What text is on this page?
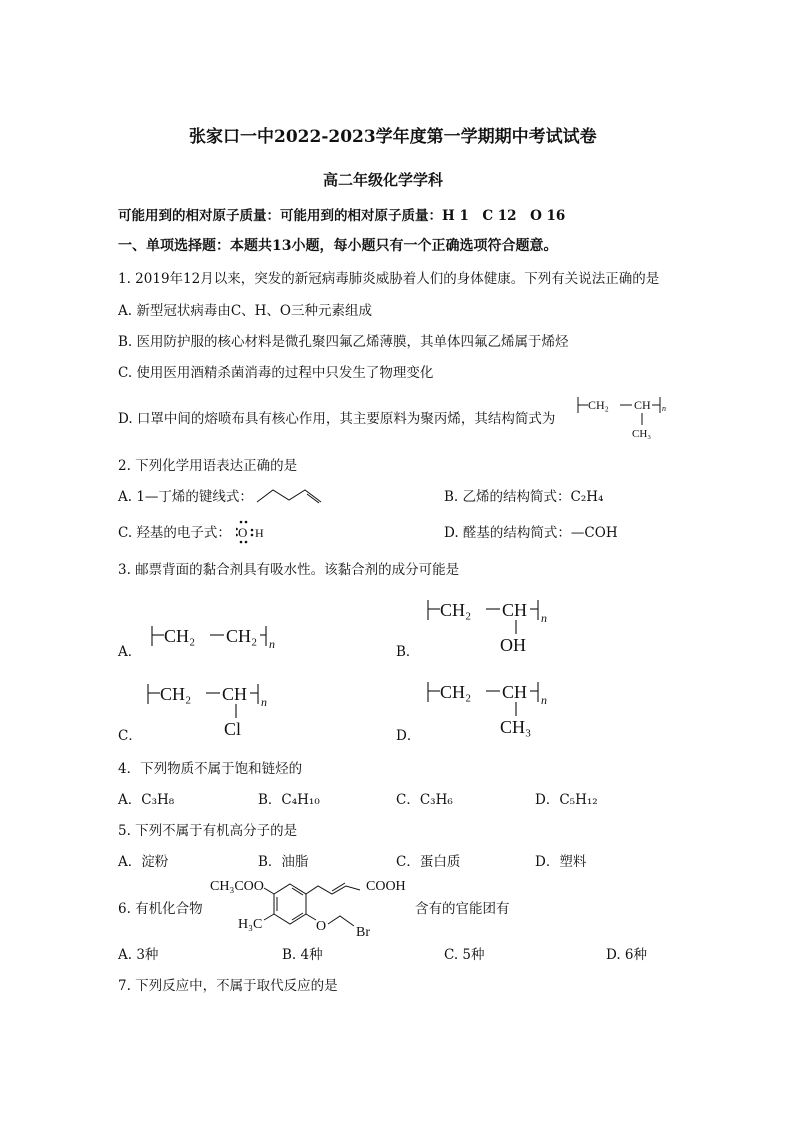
张家口一中2022-2023学年度第一学期期中考试试卷
高二年级化学学科
可能用到的相对原子质量：可能用到的相对原子质量：H 1　C 12　O 16
一、单项选择题：本题共13小题，每小题只有一个正确选项符合题意。
1. 2019年12月以来，突发的新冠病毒肺炎威胁着人们的身体健康。下列有关说法正确的是
A. 新型冠状病毒由C、H、O三种元素组成
B. 医用防护服的核心材料是微孔聚四氟乙烯薄膜，其单体四氟乙烯属于烯烃
C. 使用医用酒精杀菌消毒的过程中只发生了物理变化
D. 口罩中间的熔喷布具有核心作用，其主要原料为聚丙烯，其结构简式为
CH₂ CH n
CH₃
2. 下列化学用语表达正确的是
A. 1—丁烯的键线式：	B. 乙烯的结构简式：C₂H₄
C. 羟基的电子式： O H	D. 醛基的结构简式：—COH
3. 邮票背面的黏合剂具有吸水性。该黏合剂的成分可能是
A．
CH₂ CH₂ n	B．
CH₂ CH n
OH
C．
CH₂ CH n
Cl	D．
CH₂ CH n
CH₃
4．下列物质不属于饱和链烃的
A．C₃H₈	B．C₄H₁₀	C．C₃H₆	D．C₅H₁₂
5. 下列不属于有机高分子的是
A．淀粉	B．油脂	C．蛋白质	D．塑料
6. 有机化合物
CH₃COO
H₃C
COOH
O Br
含有的官能团有
A. 3种	B. 4种	C. 5种	D. 6种
7. 下列反应中，不属于取代反应的是
